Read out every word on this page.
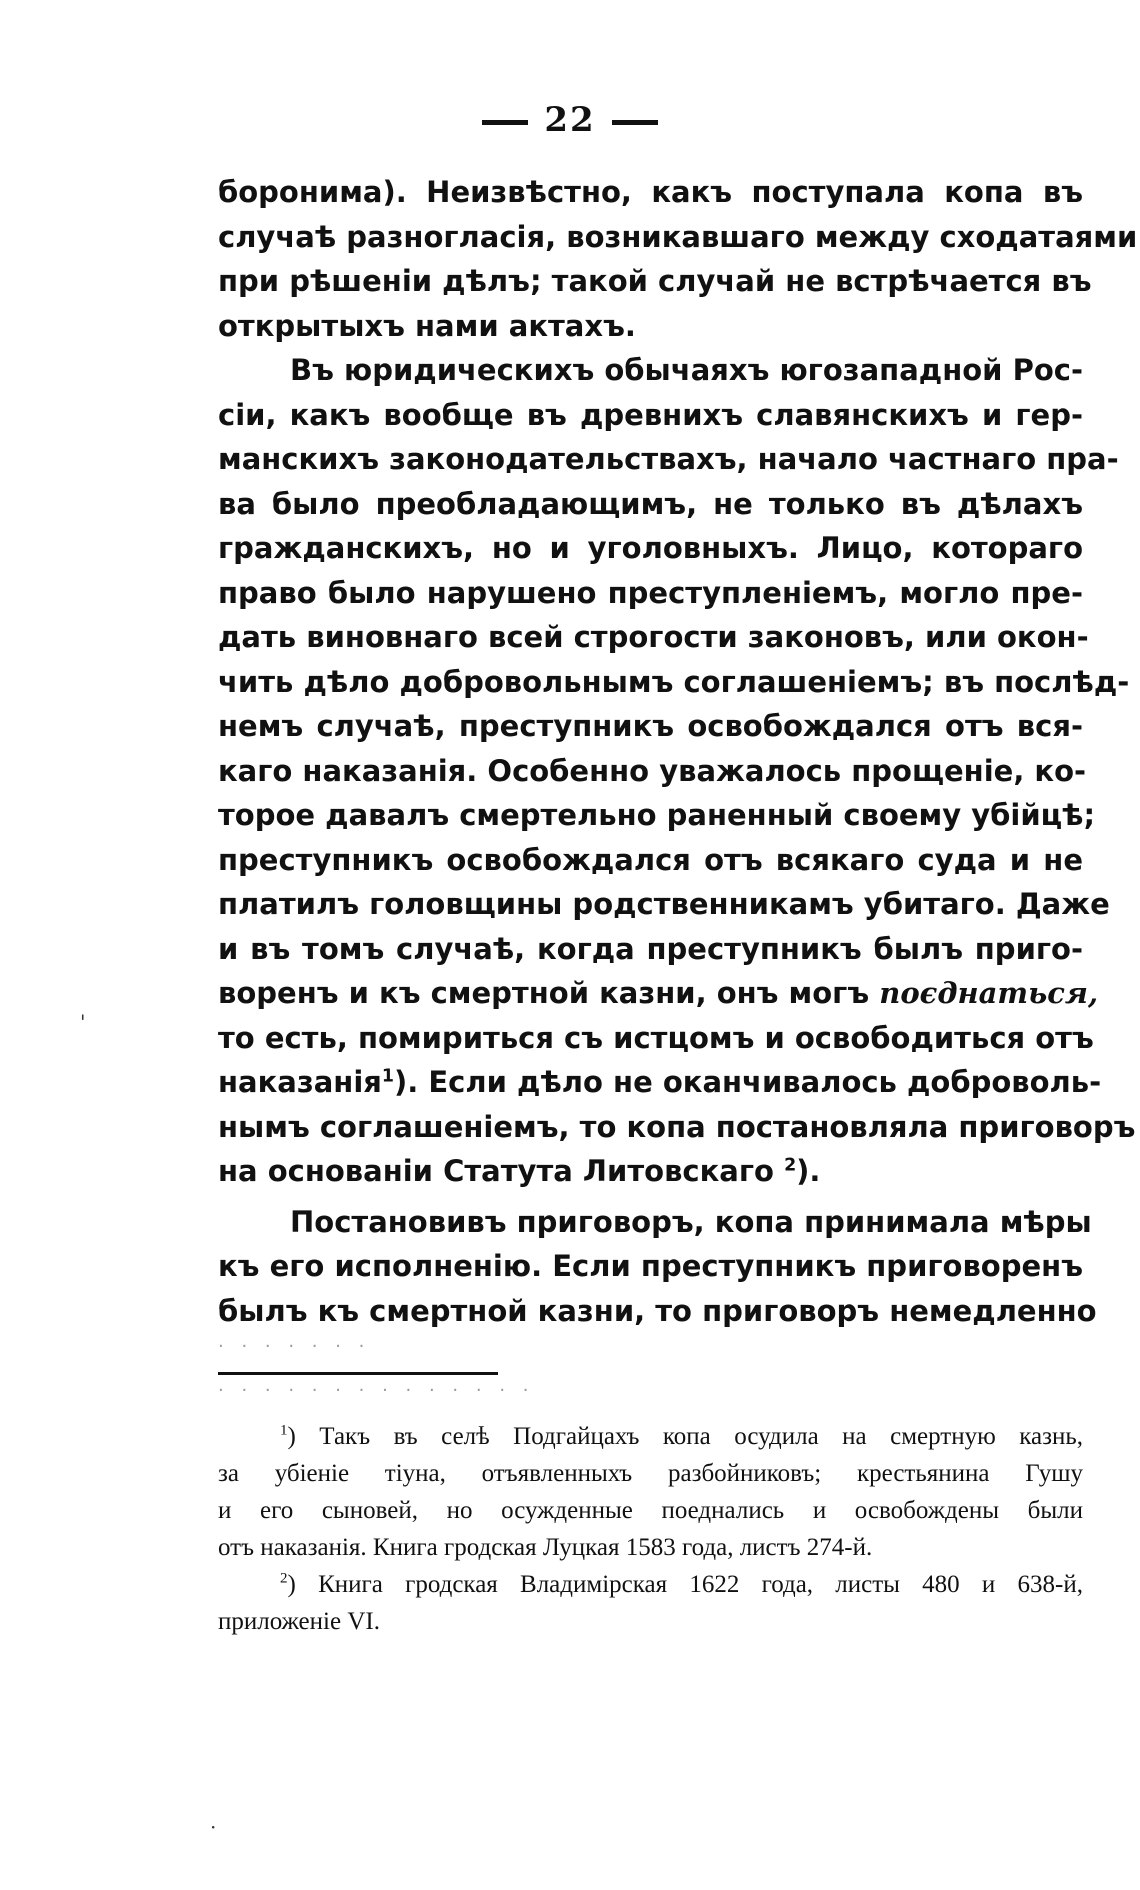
22
боронима). Неизвѣстно, какъ поступала копа въ
случаѣ разногласія, возникавшаго между сходатаями
при рѣшеніи дѣлъ; такой случай не встрѣчается въ
открытыхъ нами актахъ.
Въ юридическихъ обычаяхъ югозападной Рос-
сіи, какъ вообще въ древнихъ славянскихъ и гер-
манскихъ законодательствахъ, начало частнаго пра-
ва было преобладающимъ, не только въ дѣлахъ
гражданскихъ, но и уголовныхъ. Лицо, котораго
право было нарушено преступленіемъ, могло пре-
дать виновнаго всей строгости законовъ, или окон-
чить дѣло добровольнымъ соглашеніемъ; въ послѣд-
немъ случаѣ, преступникъ освобождался отъ вся-
каго наказанія. Особенно уважалось прощеніе, ко-
торое давалъ смертельно раненный своему убійцѣ;
преступникъ освобождался отъ всякаго суда и не
платилъ головщины родственникамъ убитаго. Даже
и въ томъ случаѣ, когда преступникъ былъ приго-
воренъ и къ смертной казни, онъ могъ поєднаться,
то есть, помириться съ истцомъ и освободиться отъ
наказанія$^1$). Если дѣло не оканчивалось доброволь-
нымъ соглашеніемъ, то копа постановляла приговоръ
на основаніи Статута Литовскаго $^2$).
Постановивъ приговоръ, копа принимала мѣры
къ его исполненію. Если преступникъ приговоренъ
былъ къ смертной казни, то приговоръ немедленно
· · · · · · ·
· · · · · · · · · · · · · ·
$^1$) Такъ въ селѣ Подгайцахъ копа осудила на смертную казнь,
за убіеніе тіуна, отъявленныхъ разбойниковъ; крестьянина Гушу
и его сыновей, но осужденные поеднались и освобождены были
отъ наказанія. Книга гродская Луцкая 1583 года, листъ 274-й.
$^2$) Книга гродская Владимірская 1622 года, листы 480 и 638-й,
приложеніе VI.
·
'
